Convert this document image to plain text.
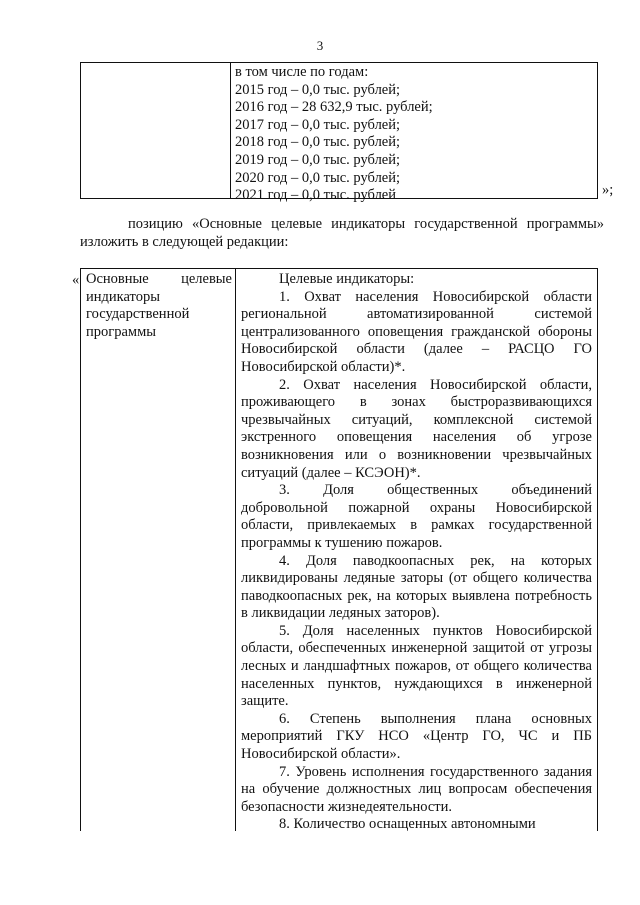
3
в том числе по годам:
2015 год – 0,0 тыс. рублей;
2016 год – 28 632,9 тыс. рублей;
2017 год – 0,0 тыс. рублей;
2018 год – 0,0 тыс. рублей;
2019 год – 0,0 тыс. рублей;
2020 год – 0,0 тыс. рублей;
2021 год – 0,0 тыс. рублей	»;
позицию «Основные целевые индикаторы государственной программы» изложить в следующей редакции:
« Основные целевые
индикаторы государственной программы
Целевые индикаторы:
1. Охват населения Новосибирской области региональной автоматизированной системой централизованного оповещения гражданской обороны Новосибирской области (далее – РАСЦО ГО Новосибирской области)*.
2. Охват населения Новосибирской области, проживающего в зонах быстроразвивающихся чрезвычайных ситуаций, комплексной системой экстренного оповещения населения об угрозе возникновения или о возникновении чрезвычайных ситуаций (далее – КСЭОН)*.
3. Доля общественных объединений добровольной пожарной охраны Новосибирской области, привлекаемых в рамках государственной программы к тушению пожаров.
4. Доля паводкоопасных рек, на которых ликвидированы ледяные заторы (от общего количества паводкоопасных рек, на которых выявлена потребность в ликвидации ледяных заторов).
5. Доля населенных пунктов Новосибирской области, обеспеченных инженерной защитой от угрозы лесных и ландшафтных пожаров, от общего количества населенных пунктов, нуждающихся в инженерной защите.
6. Степень выполнения плана основных мероприятий ГКУ НСО «Центр ГО, ЧС и ПБ Новосибирской области».
7. Уровень исполнения государственного задания на обучение должностных лиц вопросам обеспечения безопасности жизнедеятельности.
8. Количество оснащенных автономными
